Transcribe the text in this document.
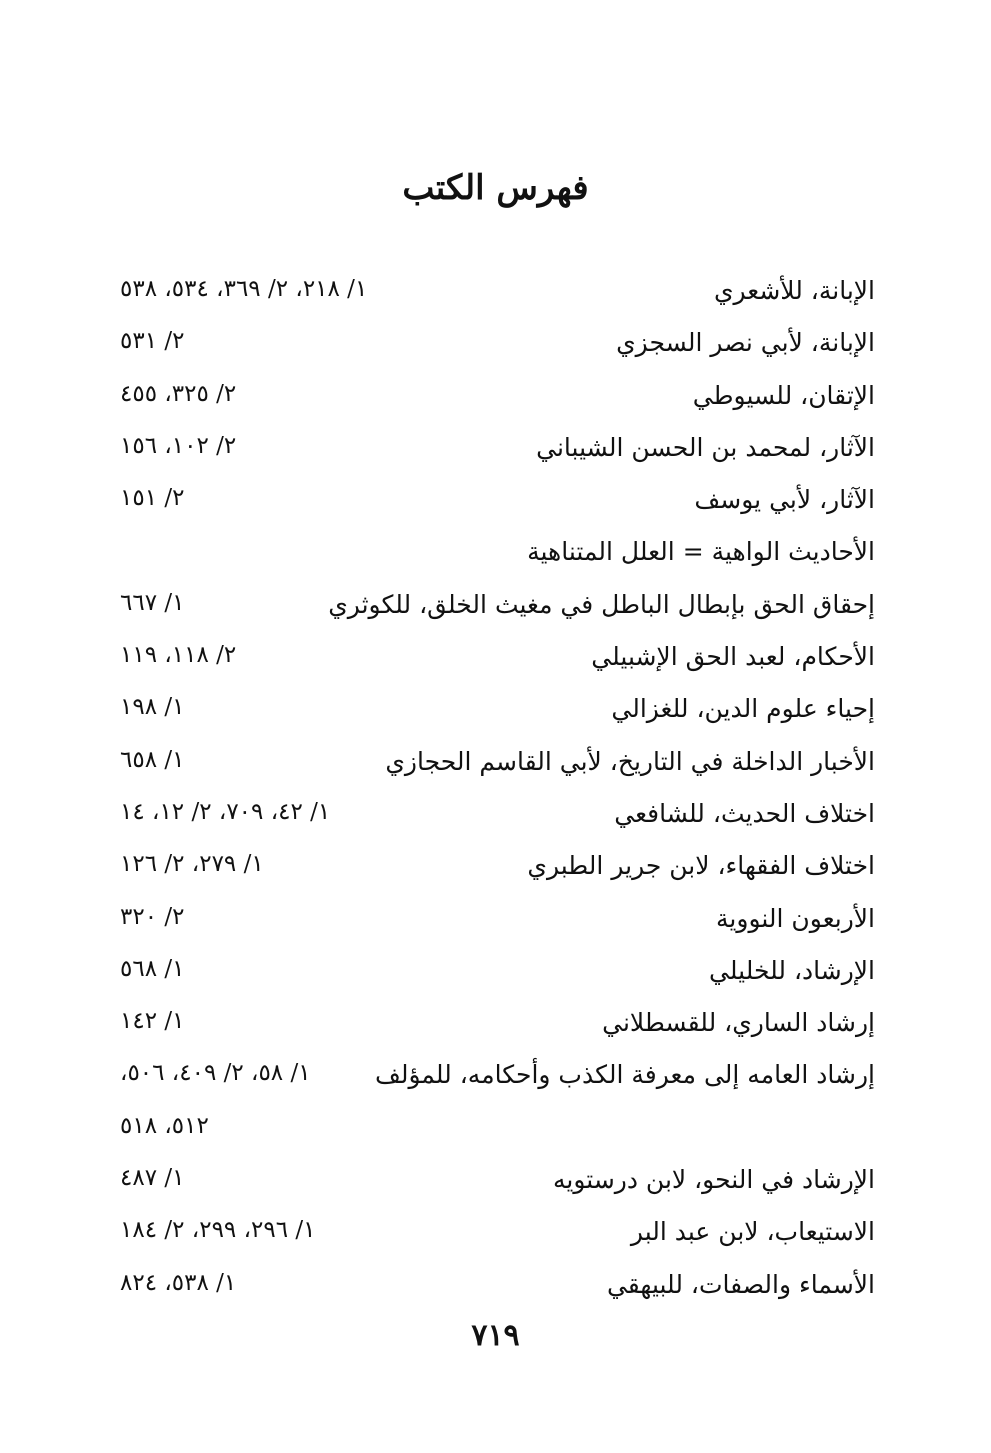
فهرس الكتب
الإبانة، للأشعري
١/ ٢١٨، ٢/ ٣٦٩، ٥٣٤، ٥٣٨
الإبانة، لأبي نصر السجزي
٢/ ٥٣١
الإتقان، للسيوطي
٢/ ٣٢٥، ٤٥٥
الآثار، لمحمد بن الحسن الشيباني
٢/ ١٠٢، ١٥٦
الآثار، لأبي يوسف
٢/ ١٥١
الأحاديث الواهية = العلل المتناهية
إحقاق الحق بإبطال الباطل في مغيث الخلق، للكوثري
١/ ٦٦٧
الأحكام، لعبد الحق الإشبيلي
٢/ ١١٨، ١١٩
إحياء علوم الدين، للغزالي
١/ ١٩٨
الأخبار الداخلة في التاريخ، لأبي القاسم الحجازي
١/ ٦٥٨
اختلاف الحديث، للشافعي
١/ ٤٢، ٧٠٩، ٢/ ١٢، ١٤
اختلاف الفقهاء، لابن جرير الطبري
١/ ٢٧٩، ٢/ ١٢٦
الأربعون النووية
٢/ ٣٢٠
الإرشاد، للخليلي
١/ ٥٦٨
إرشاد الساري، للقسطلاني
١/ ١٤٢
إرشاد العامه إلى معرفة الكذب وأحكامه، للمؤلف
١/ ٥٨، ٢/ ٤٠٩، ٥٠٦،
٥١٢، ٥١٨
الإرشاد في النحو، لابن درستويه
١/ ٤٨٧
الاستيعاب، لابن عبد البر
١/ ٢٩٦، ٢٩٩، ٢/ ١٨٤
الأسماء والصفات، للبيهقي
١/ ٥٣٨، ٨٢٤
٧١٩
